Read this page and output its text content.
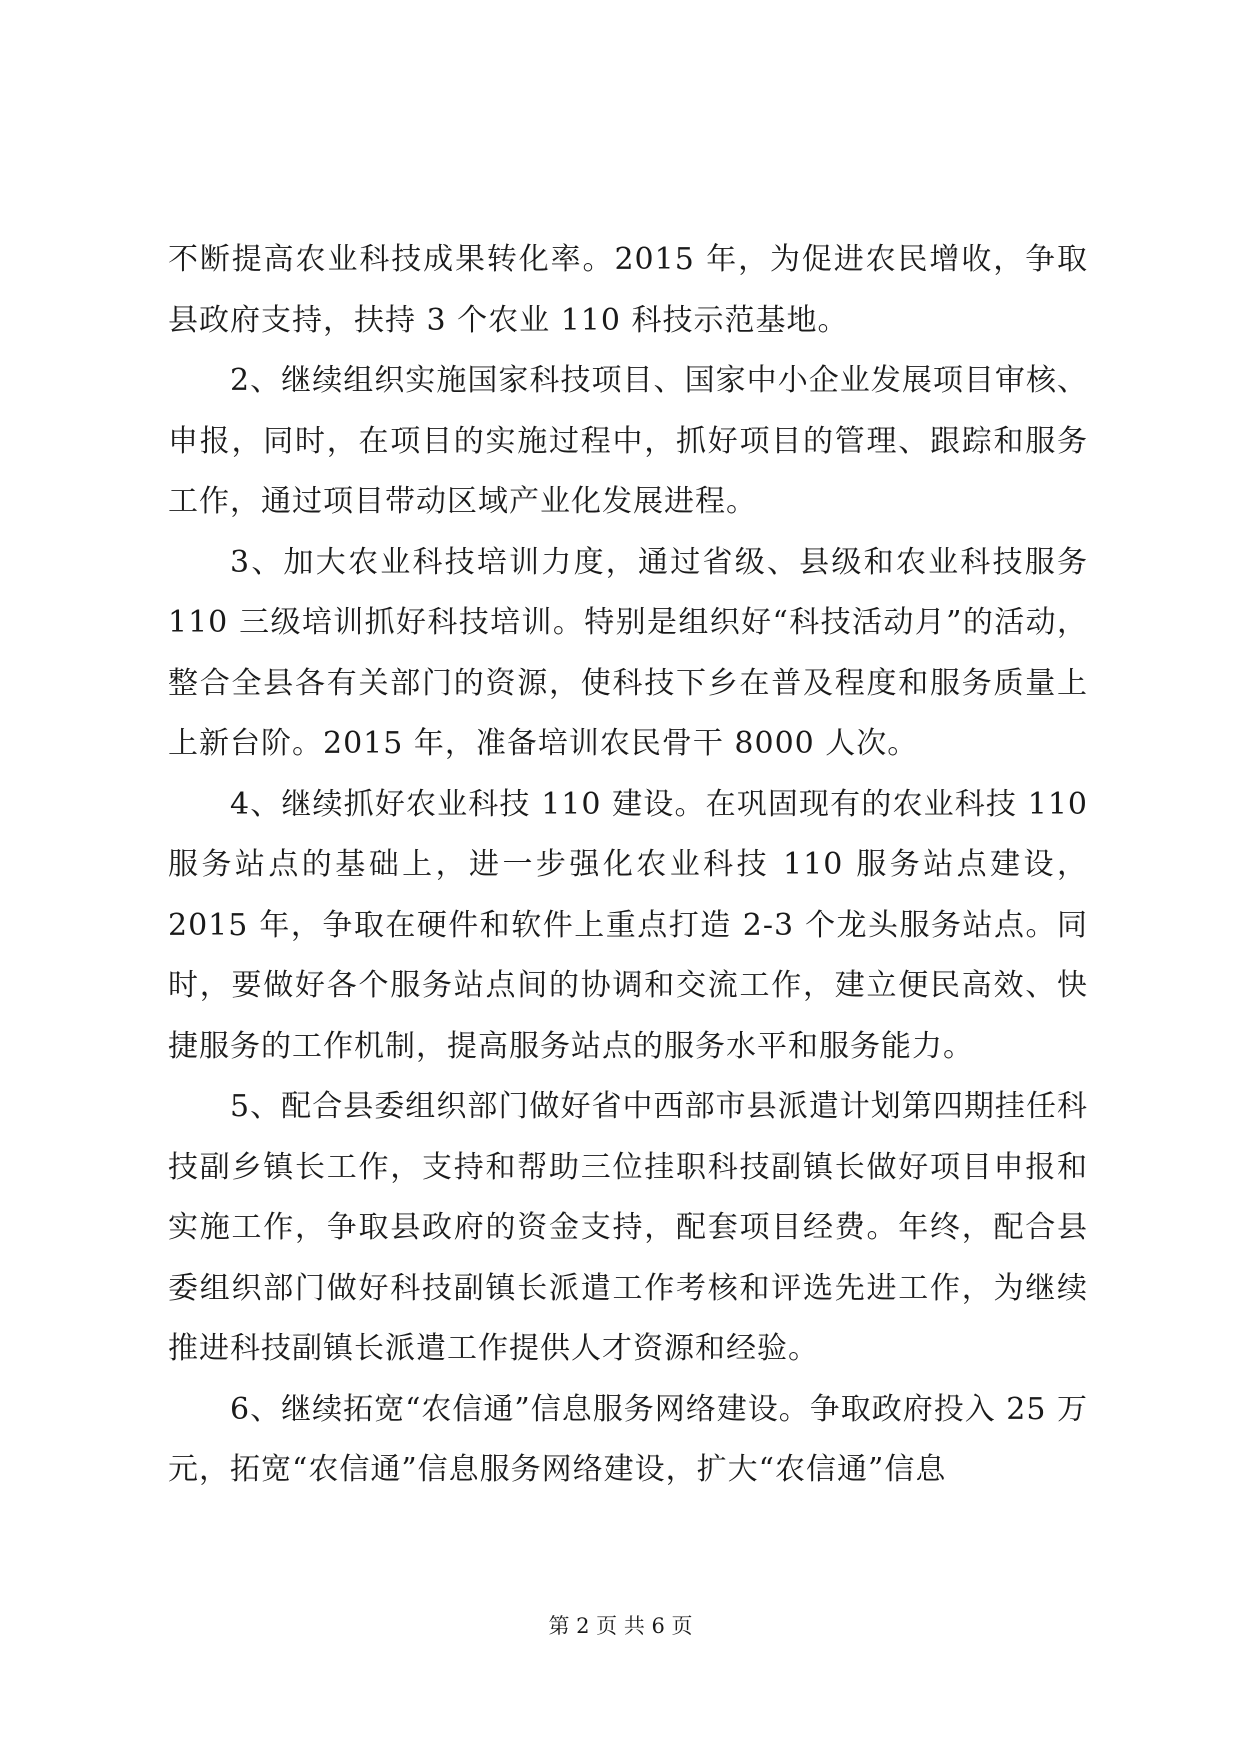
不断提高农业科技成果转化率。2015 年，为促进农民增收，争取县政府支持，扶持 3 个农业 110 科技示范基地。

2、继续组织实施国家科技项目、国家中小企业发展项目审核、申报，同时，在项目的实施过程中，抓好项目的管理、跟踪和服务工作，通过项目带动区域产业化发展进程。

3、加大农业科技培训力度，通过省级、县级和农业科技服务 110 三级培训抓好科技培训。特别是组织好“科技活动月”的活动，整合全县各有关部门的资源，使科技下乡在普及程度和服务质量上上新台阶。2015 年，准备培训农民骨干 8000 人次。

4、继续抓好农业科技 110 建设。在巩固现有的农业科技 110 服务站点的基础上，进一步强化农业科技 110 服务站点建设，2015 年，争取在硬件和软件上重点打造 2-3 个龙头服务站点。同时，要做好各个服务站点间的协调和交流工作，建立便民高效、快捷服务的工作机制，提高服务站点的服务水平和服务能力。

5、配合县委组织部门做好省中西部市县派遣计划第四期挂任科技副乡镇长工作，支持和帮助三位挂职科技副镇长做好项目申报和实施工作，争取县政府的资金支持，配套项目经费。年终，配合县委组织部门做好科技副镇长派遣工作考核和评选先进工作，为继续推进科技副镇长派遣工作提供人才资源和经验。

6、继续拓宽“农信通”信息服务网络建设。争取政府投入 25 万元，拓宽“农信通”信息服务网络建设，扩大“农信通”信息

第 2 页 共 6 页
